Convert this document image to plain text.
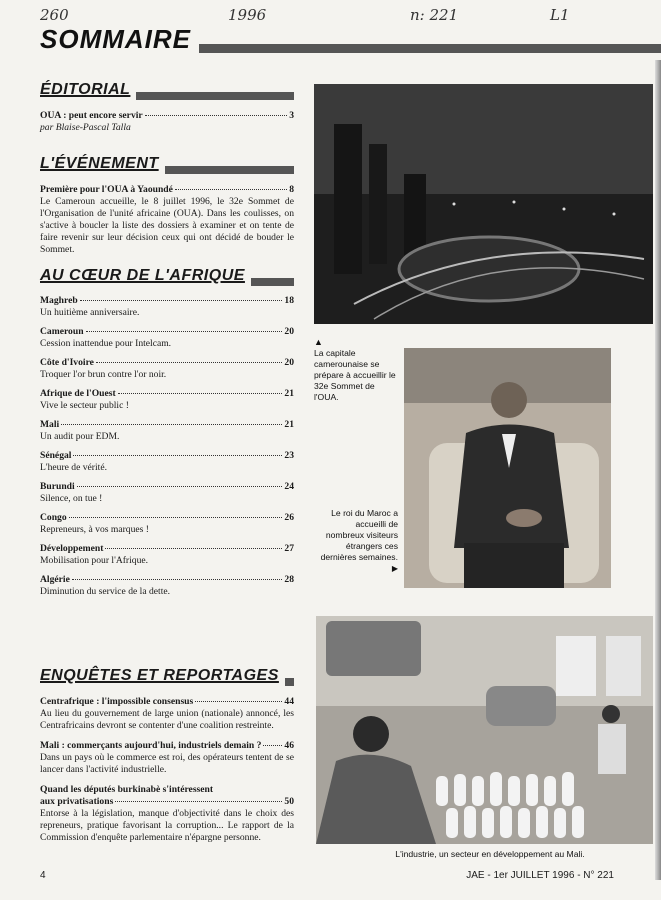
260	1996	n: 221	L1
SOMMAIRE
ÉDITORIAL
OUA : peut encore servir	3
par Blaise-Pascal Talla
L'ÉVÉNEMENT
Première pour l'OUA à Yaoundé	8
Le Cameroun accueille, le 8 juillet 1996, le 32e Sommet de l'Organisation de l'unité africaine (OUA). Dans les coulisses, on s'active à boucler la liste des dossiers à examiner et on tente de faire revenir sur leur décision ceux qui ont décidé de bouder le Sommet.
AU CŒUR DE L'AFRIQUE
Maghreb	18
Un huitième anniversaire.
Cameroun	20
Cession inattendue pour Intelcam.
Côte d'Ivoire	20
Troquer l'or brun contre l'or noir.
Afrique de l'Ouest	21
Vive le secteur public !
Mali	21
Un audit pour EDM.
Sénégal	23
L'heure de vérité.
Burundi	24
Silence, on tue !
Congo	26
Repreneurs, à vos marques !
Développement	27
Mobilisation pour l'Afrique.
Algérie	28
Diminution du service de la dette.
ENQUÊTES ET REPORTAGES
Centrafrique : l'impossible consensus	44
Au lieu du gouvernement de large union (nationale) annoncé, les Centrafricains devront se contenter d'une coalition restreinte.
Mali : commerçants aujourd'hui, industriels demain ? 46
Dans un pays où le commerce est roi, des opérateurs tentent de se lancer dans l'activité industrielle.
Quand les députés burkinabè s'intéressent
aux privatisations	50
Entorse à la législation, manque d'objectivité dans le choix des repreneurs, pratique favorisant la corruption... Le rapport de la Commission d'enquête parlementaire n'épargne personne.
▲
La capitale camerounaise se prépare à accueillir le 32e Sommet de l'OUA.
Le roi du Maroc a accueilli de nombreux visiteurs étrangers ces dernières semaines.▶
L'industrie, un secteur en développement au Mali.
4	JAE - 1er JUILLET 1996 - N° 221
